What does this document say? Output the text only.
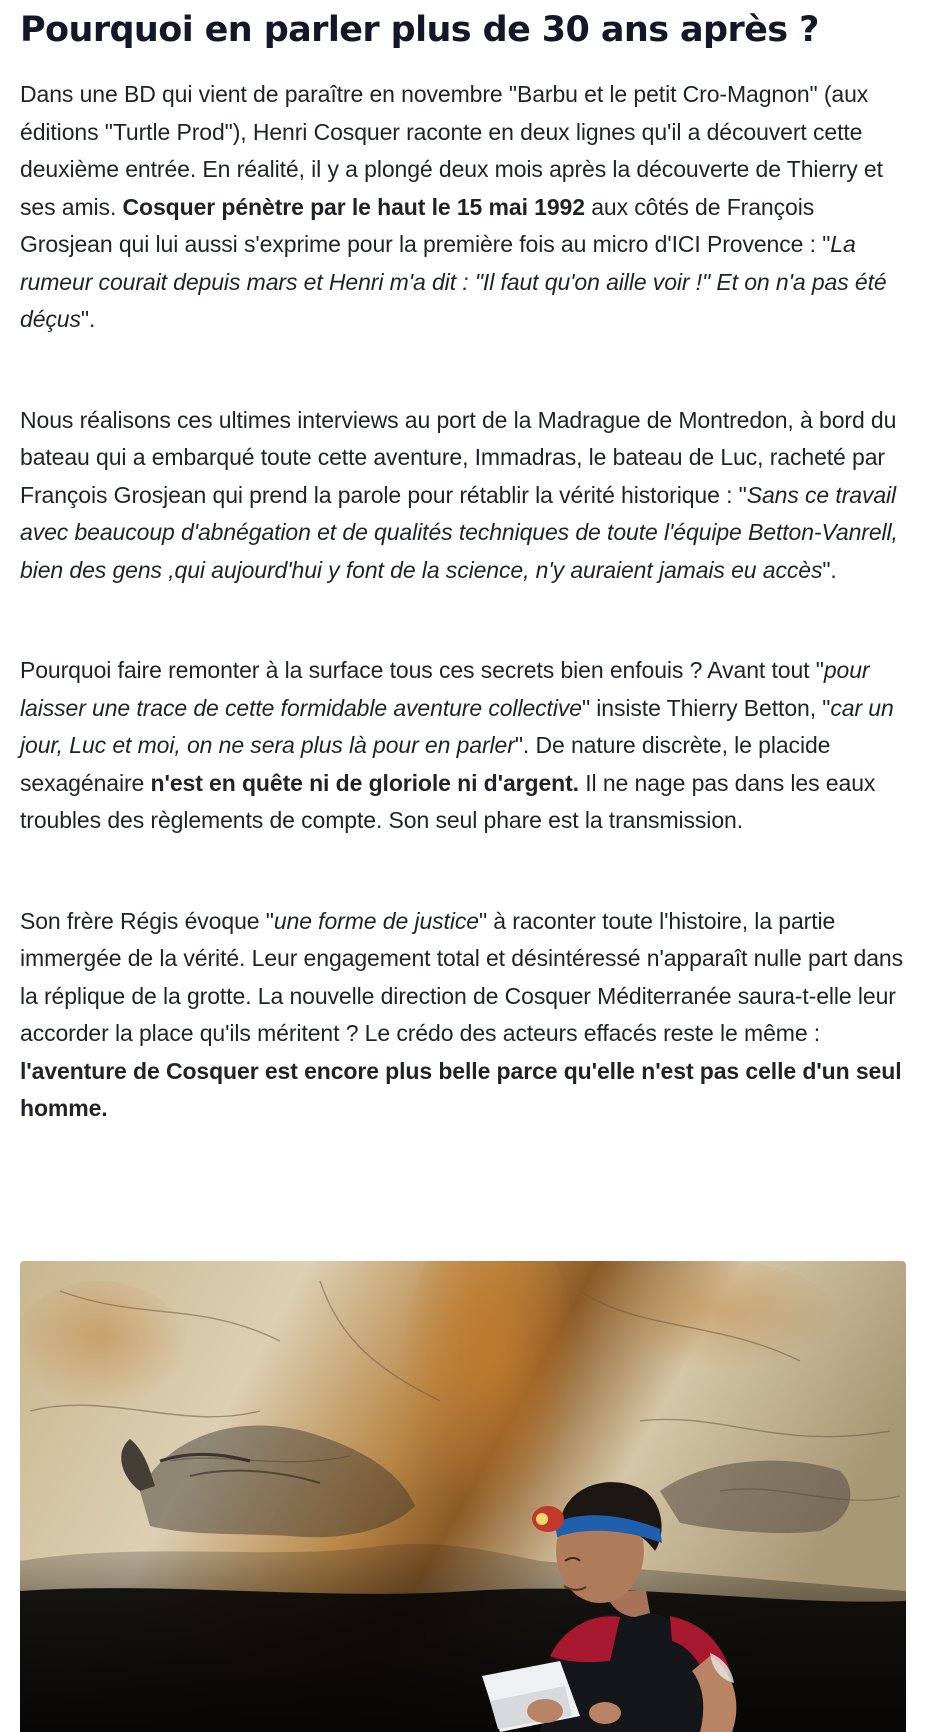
Pourquoi en parler plus de 30 ans après ?

Dans une BD qui vient de paraître en novembre "Barbu et le petit Cro-Magnon" (aux éditions "Turtle Prod"), Henri Cosquer raconte en deux lignes qu'il a découvert cette deuxième entrée. En réalité, il y a plongé deux mois après la découverte de Thierry et ses amis. Cosquer pénètre par le haut le 15 mai 1992 aux côtés de François Grosjean qui lui aussi s'exprime pour la première fois au micro d'ICI Provence : "La rumeur courait depuis mars et Henri m'a dit : "Il faut qu'on aille voir !" Et on n'a pas été déçus".

Nous réalisons ces ultimes interviews au port de la Madrague de Montredon, à bord du bateau qui a embarqué toute cette aventure, Immadras, le bateau de Luc, racheté par François Grosjean qui prend la parole pour rétablir la vérité historique : "Sans ce travail avec beaucoup d'abnégation et de qualités techniques de toute l'équipe Betton-Vanrell, bien des gens ,qui aujourd'hui y font de la science, n'y auraient jamais eu accès".

Pourquoi faire remonter à la surface tous ces secrets bien enfouis ? Avant tout "pour laisser une trace de cette formidable aventure collective" insiste Thierry Betton, "car un jour, Luc et moi, on ne sera plus là pour en parler". De nature discrète, le placide sexagénaire n'est en quête ni de gloriole ni d'argent. Il ne nage pas dans les eaux troubles des règlements de compte. Son seul phare est la transmission.

Son frère Régis évoque "une forme de justice" à raconter toute l'histoire, la partie immergée de la vérité. Leur engagement total et désintéressé n'apparaît nulle part dans la réplique de la grotte. La nouvelle direction de Cosquer Méditerranée saura-t-elle leur accorder la place qu'ils méritent ? Le crédo des acteurs effacés reste le même : l'aventure de Cosquer est encore plus belle parce qu'elle n'est pas celle d'un seul homme.
